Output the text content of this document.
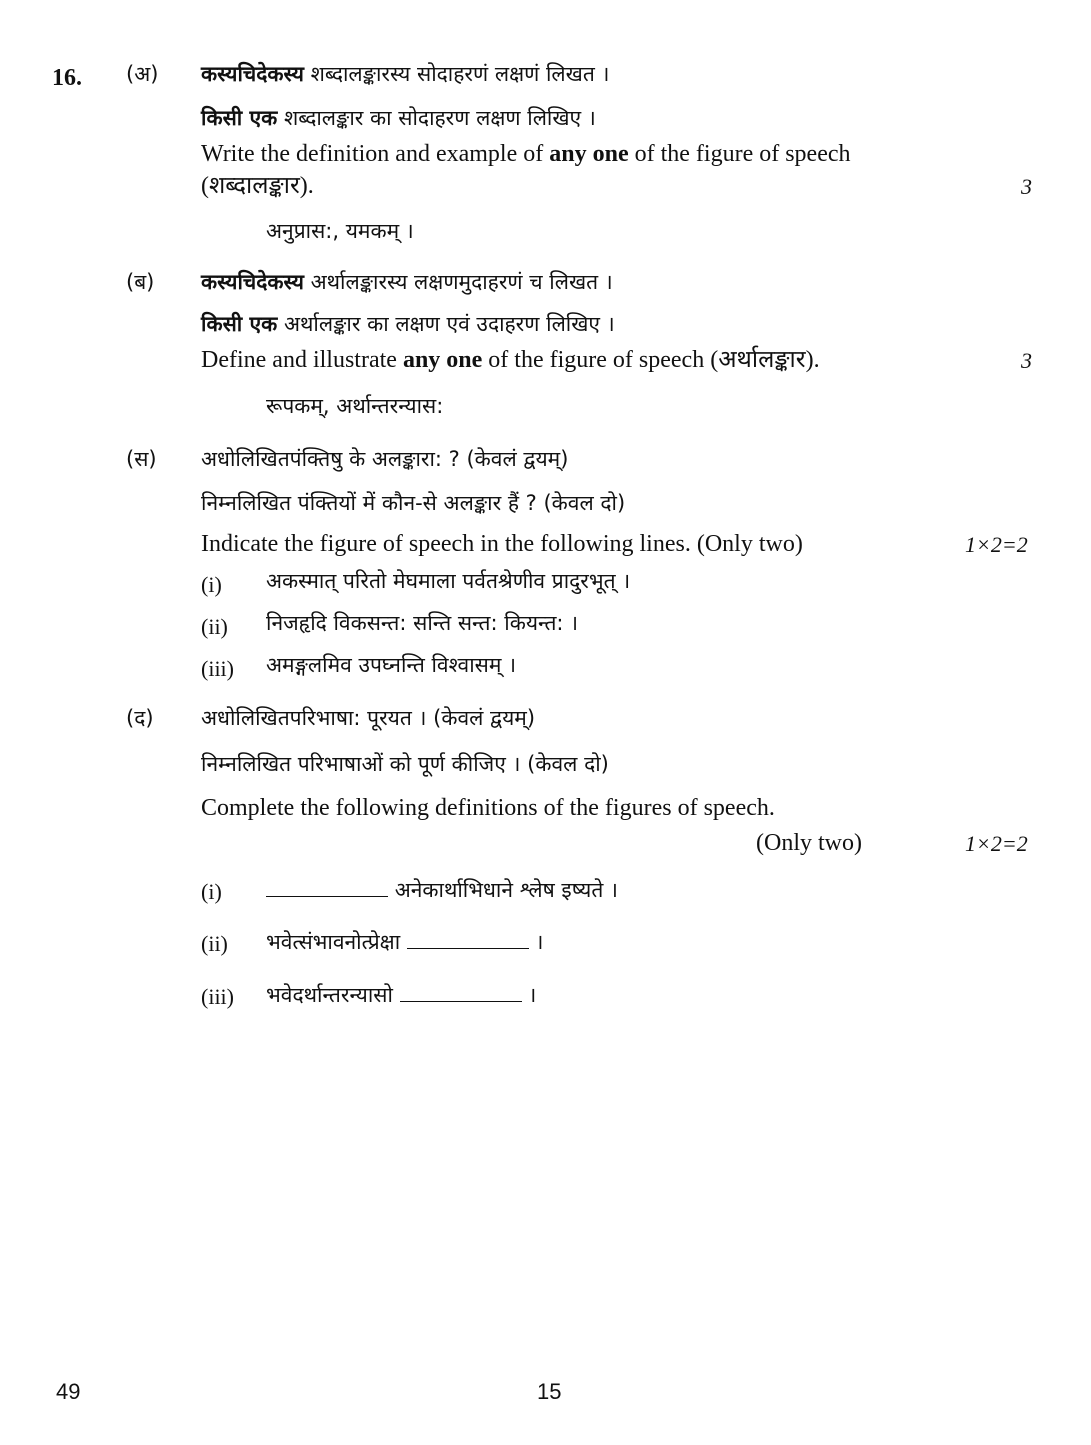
16. (अ) कस्यचिदेकस्य शब्दालङ्कारस्य सोदाहरणं लक्षणं लिखत ।
किसी एक शब्दालङ्कार का सोदाहरण लक्षण लिखिए ।
Write the definition and example of any one of the figure of speech
(शब्दालङ्कार).	3
अनुप्रास:, यमकम् ।
(ब) कस्यचिदेकस्य अर्थालङ्कारस्य लक्षणमुदाहरणं च लिखत ।
किसी एक अर्थालङ्कार का लक्षण एवं उदाहरण लिखिए ।
Define and illustrate any one of the figure of speech (अर्थालङ्कार).	3
रूपकम्, अर्थान्तरन्यास:
(स) अधोलिखितपंक्तिषु के अलङ्कारा: ? (केवलं द्वयम्)
निम्नलिखित पंक्तियों में कौन-से अलङ्कार हैं ? (केवल दो)
Indicate the figure of speech in the following lines. (Only two)	1×2=2
(i) अकस्मात् परितो मेघमाला पर्वतश्रेणीव प्रादुरभूत् ।
(ii) निजहृदि विकसन्त: सन्ति सन्त: कियन्त: ।
(iii) अमङ्गलमिव उपघ्नन्ति विश्वासम् ।
(द) अधोलिखितपरिभाषा: पूरयत । (केवलं द्वयम्)
निम्नलिखित परिभाषाओं को पूर्ण कीजिए । (केवल दो)
Complete the following definitions of the figures of speech.
(Only two)	1×2=2
(i)	अनेकार्थाभिधाने श्लेष इष्यते ।
(ii) भवेत्संभावनोत्प्रेक्षा	।
(iii) भवेदर्थान्तरन्यासो	।
49	15
